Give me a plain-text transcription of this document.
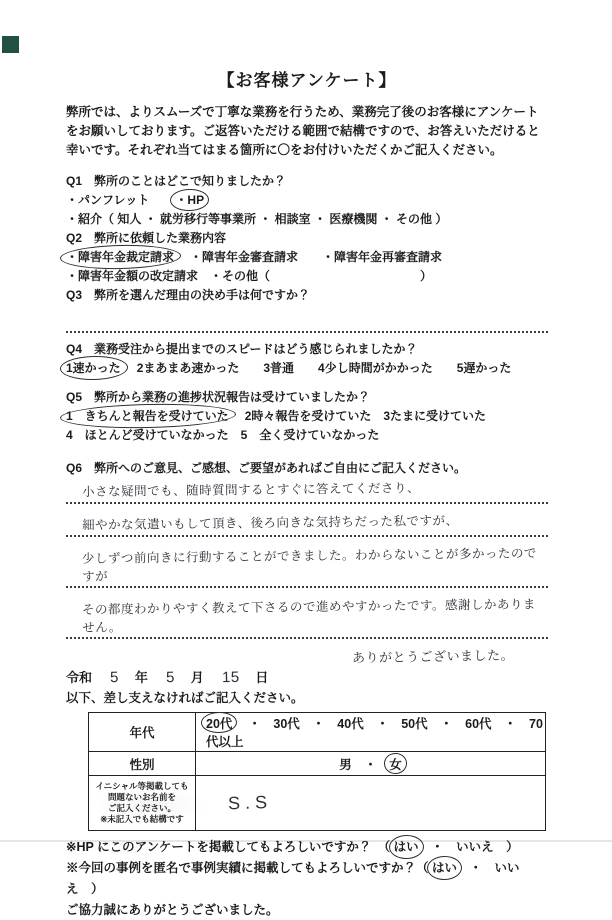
【お客様アンケート】

弊所では、よりスムーズで丁寧な業務を行うため、業務完了後のお客様にアンケートをお願いしております。ご返答いただける範囲で結構ですので、お答えいただけると幸いです。それぞれ当てはまる箇所に〇をお付けいただくかご記入ください。

Q1　弊所のことはどこで知りましたか？
・パンフレット ・HP
・紹介（ 知人 ・ 就労移行等事業所 ・ 相談室 ・ 医療機関 ・ その他 ）
Q2　弊所に依頼した業務内容
・障害年金裁定請求 ・障害年金審査請求　　・障害年金再審査請求
・障害年金額の改定請求　・その他（	）
Q3　弊所を選んだ理由の決め手は何ですか？
Q4　業務受注から提出までのスピードはどう感じられましたか？
1速かった 2まあまあ速かった　　3普通　　4少し時間がかかった　　5遅かった
Q5　弊所から業務の進捗状況報告は受けていましたか？
1　きちんと報告を受けていた 2時々報告を受けていた　3たまに受けていた
4　ほとんど受けていなかった　5　全く受けていなかった
Q6　弊所へのご意見、ご感想、ご要望があればご自由にご記入ください。
小さな疑問でも、随時質問するとすぐに答えてくださり、
細やかな気遣いもして頂き、後ろ向きな気持ちだった私ですが、
少しずつ前向きに行動することができました。わからないことが多かったのですが
その都度わかりやすく教えて下さるので進めやすかったです。感謝しかありません。
ありがとうございました。
令和 5 年 5 月 15 日
以下、差し支えなければご記入ください。
年代	20代 ・　30代　・　40代　・　50代　・　60代　・　70代以上
性別	男　・　女
イニシャル等掲載しても
問題ないお名前を
ご記入ください。
※未記入でも結構です	S.S
※HP にこのアンケートを掲載してもよろしいですか？　（ はい　・　いいえ　）
※今回の事例を匿名で事例実績に掲載してもよろしいですか？（ はい　・　いいえ　）
ご協力誠にありがとうございました。
